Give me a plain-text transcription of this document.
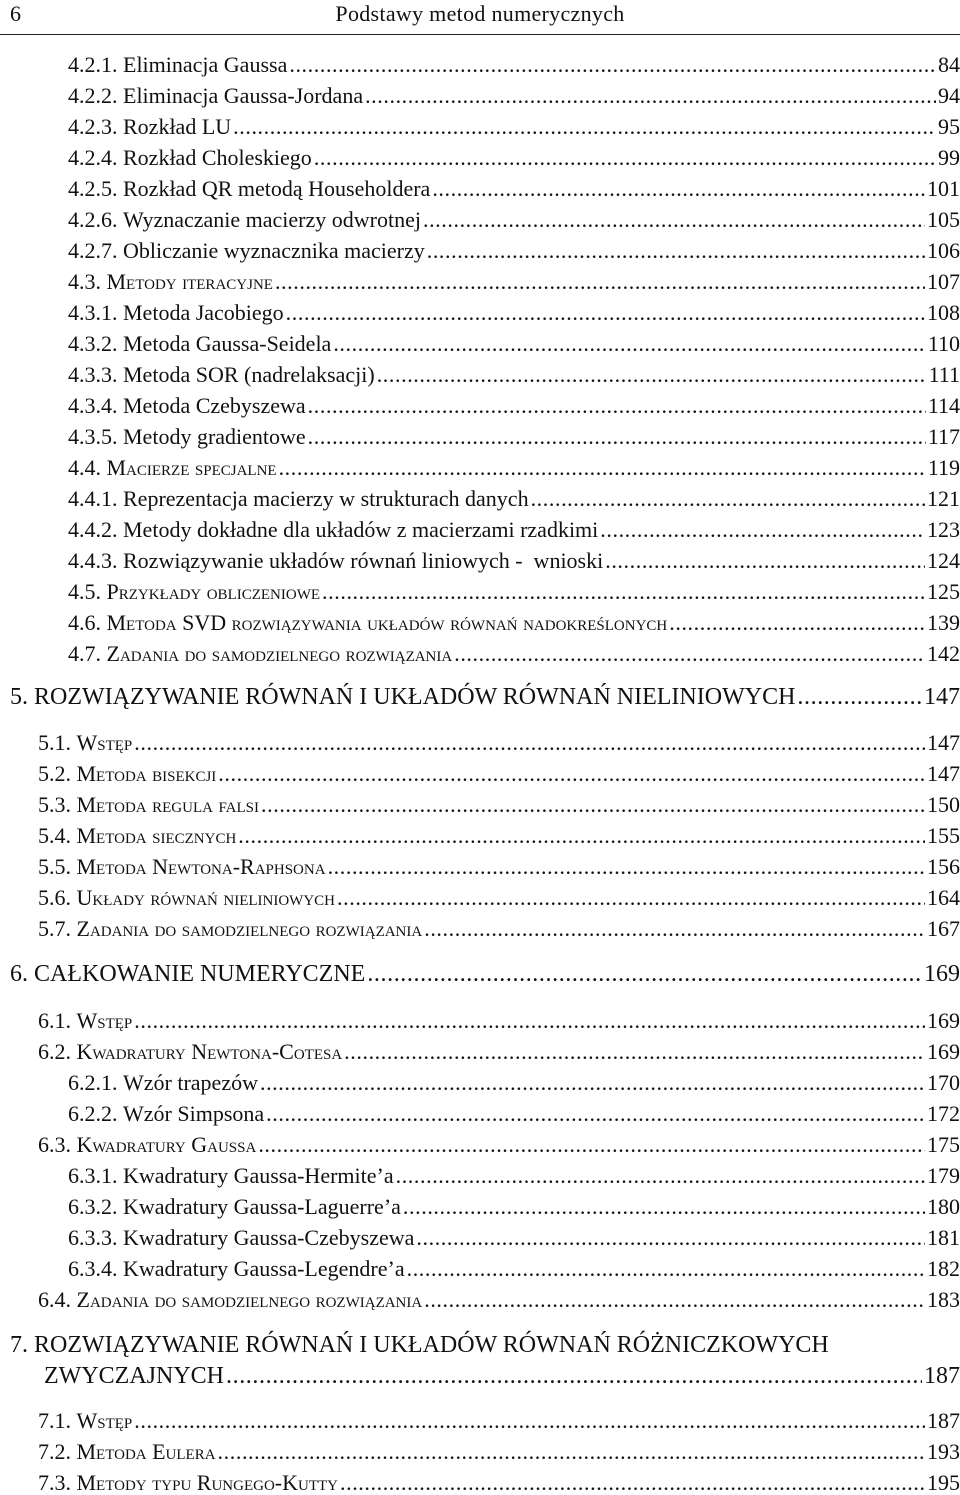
6	Podstawy metod numerycznych
4.2.1. Eliminacja Gaussa .....	84
4.2.2. Eliminacja Gaussa-Jordana .....	94
4.2.3. Rozkład LU .....	95
4.2.4. Rozkład Choleskiego .....	99
4.2.5. Rozkład QR metodą Householdera .....	101
4.2.6. Wyznaczanie macierzy odwrotnej .....	105
4.2.7. Obliczanie wyznacznika macierzy .....	106
4.3. Metody iteracyjne .....	107
4.3.1. Metoda Jacobiego .....	108
4.3.2. Metoda Gaussa-Seidela .....	110
4.3.3. Metoda SOR (nadrelaksacji) .....	111
4.3.4. Metoda Czebyszewa .....	114
4.3.5. Metody gradientowe .....	117
4.4. Macierze specjalne .....	119
4.4.1. Reprezentacja macierzy w strukturach danych .....	121
4.4.2. Metody dokładne dla układów z macierzami rzadkimi .....	123
4.4.3. Rozwiązywanie układów równań liniowych -  wnioski .....	124
4.5. Przykłady obliczeniowe .....	125
4.6. Metoda SVD rozwiązywania układów równań nadokreślonych .....	139
4.7. Zadania do samodzielnego rozwiązania .....	142
5. ROZWIĄZYWANIE RÓWNAŃ I UKŁADÓW RÓWNAŃ NIELINIOWYCH .....	147
5.1. Wstęp .....	147
5.2. Metoda bisekcji .....	147
5.3. Metoda regula falsi .....	150
5.4. Metoda siecznych .....	155
5.5. Metoda Newtona-Raphsona .....	156
5.6. Układy równań nieliniowych .....	164
5.7. Zadania do samodzielnego rozwiązania .....	167
6. CAŁKOWANIE NUMERYCZNE .....	169
6.1. Wstęp .....	169
6.2. Kwadratury Newtona-Cotesa .....	169
6.2.1. Wzór trapezów .....	170
6.2.2. Wzór Simpsona .....	172
6.3. Kwadratury Gaussa .....	175
6.3.1. Kwadratury Gaussa-Hermite’a .....	179
6.3.2. Kwadratury Gaussa-Laguerre’a .....	180
6.3.3. Kwadratury Gaussa-Czebyszewa .....	181
6.3.4. Kwadratury Gaussa-Legendre’a .....	182
6.4. Zadania do samodzielnego rozwiązania .....	183
7. ROZWIĄZYWANIE RÓWNAŃ I UKŁADÓW RÓWNAŃ RÓŻNICZKOWYCH
ZWYCZAJNYCH .....	187
7.1. Wstęp .....	187
7.2. Metoda Eulera .....	193
7.3. Metody typu Rungego-Kutty .....	195
